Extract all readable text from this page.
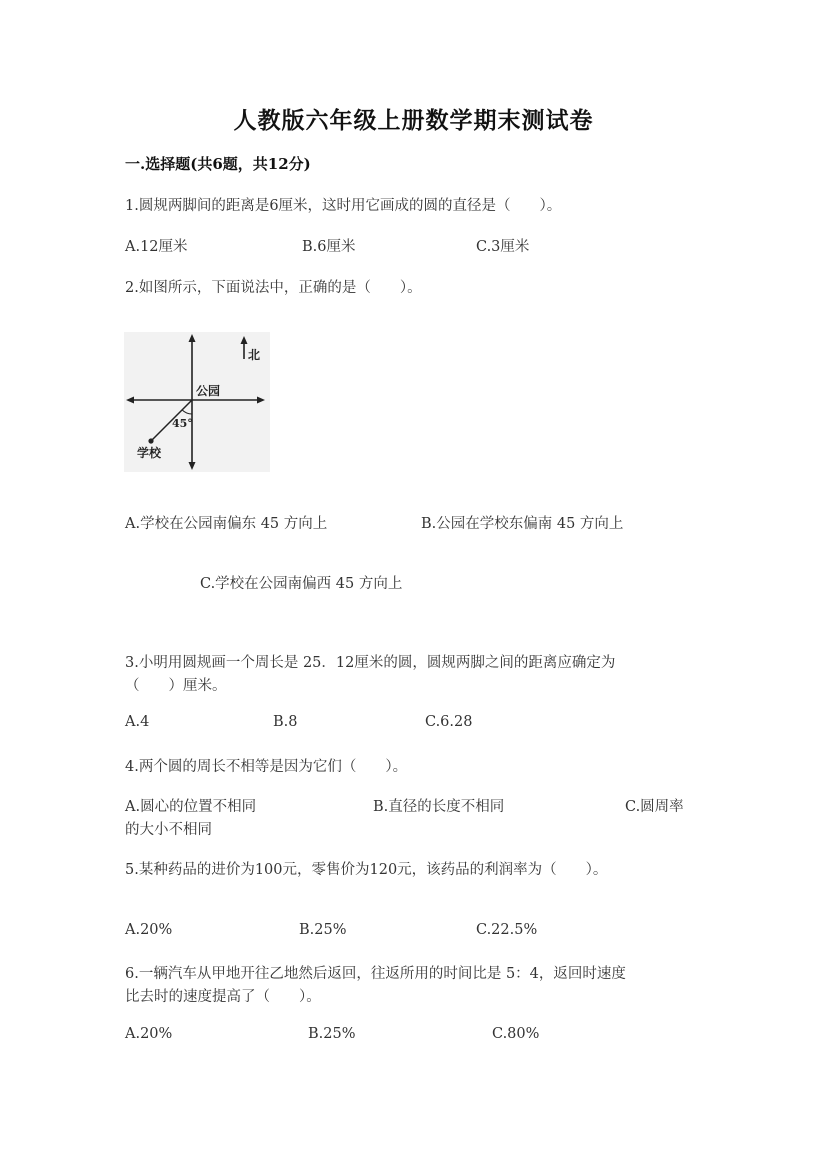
人教版六年级上册数学期末测试卷
一.选择题(共6题，共12分)
1.圆规两脚间的距离是6厘米，这时用它画成的圆的直径是（　　）。
A.12厘米	B.6厘米	C.3厘米
2.如图所示，下面说法中，正确的是（　　）。
北
公园
45°
学校
A.学校在公园南偏东 45 方向上	B.公园在学校东偏南 45 方向上
C.学校在公园南偏西 45 方向上
3.小明用圆规画一个周长是 25．12厘米的圆，圆规两脚之间的距离应确定为
（　　）厘米。
A.4	B.8	C.6.28
4.两个圆的周长不相等是因为它们（　　）。
A.圆心的位置不相同	B.直径的长度不相同	C.圆周率
的大小不相同
5.某种药品的进价为100元，零售价为120元，该药品的利润率为（　　）。
A.20%	B.25%	C.22.5%
6.一辆汽车从甲地开往乙地然后返回，往返所用的时间比是 5：4，返回时速度
比去时的速度提高了（　　）。
A.20%	B.25%	C.80%
